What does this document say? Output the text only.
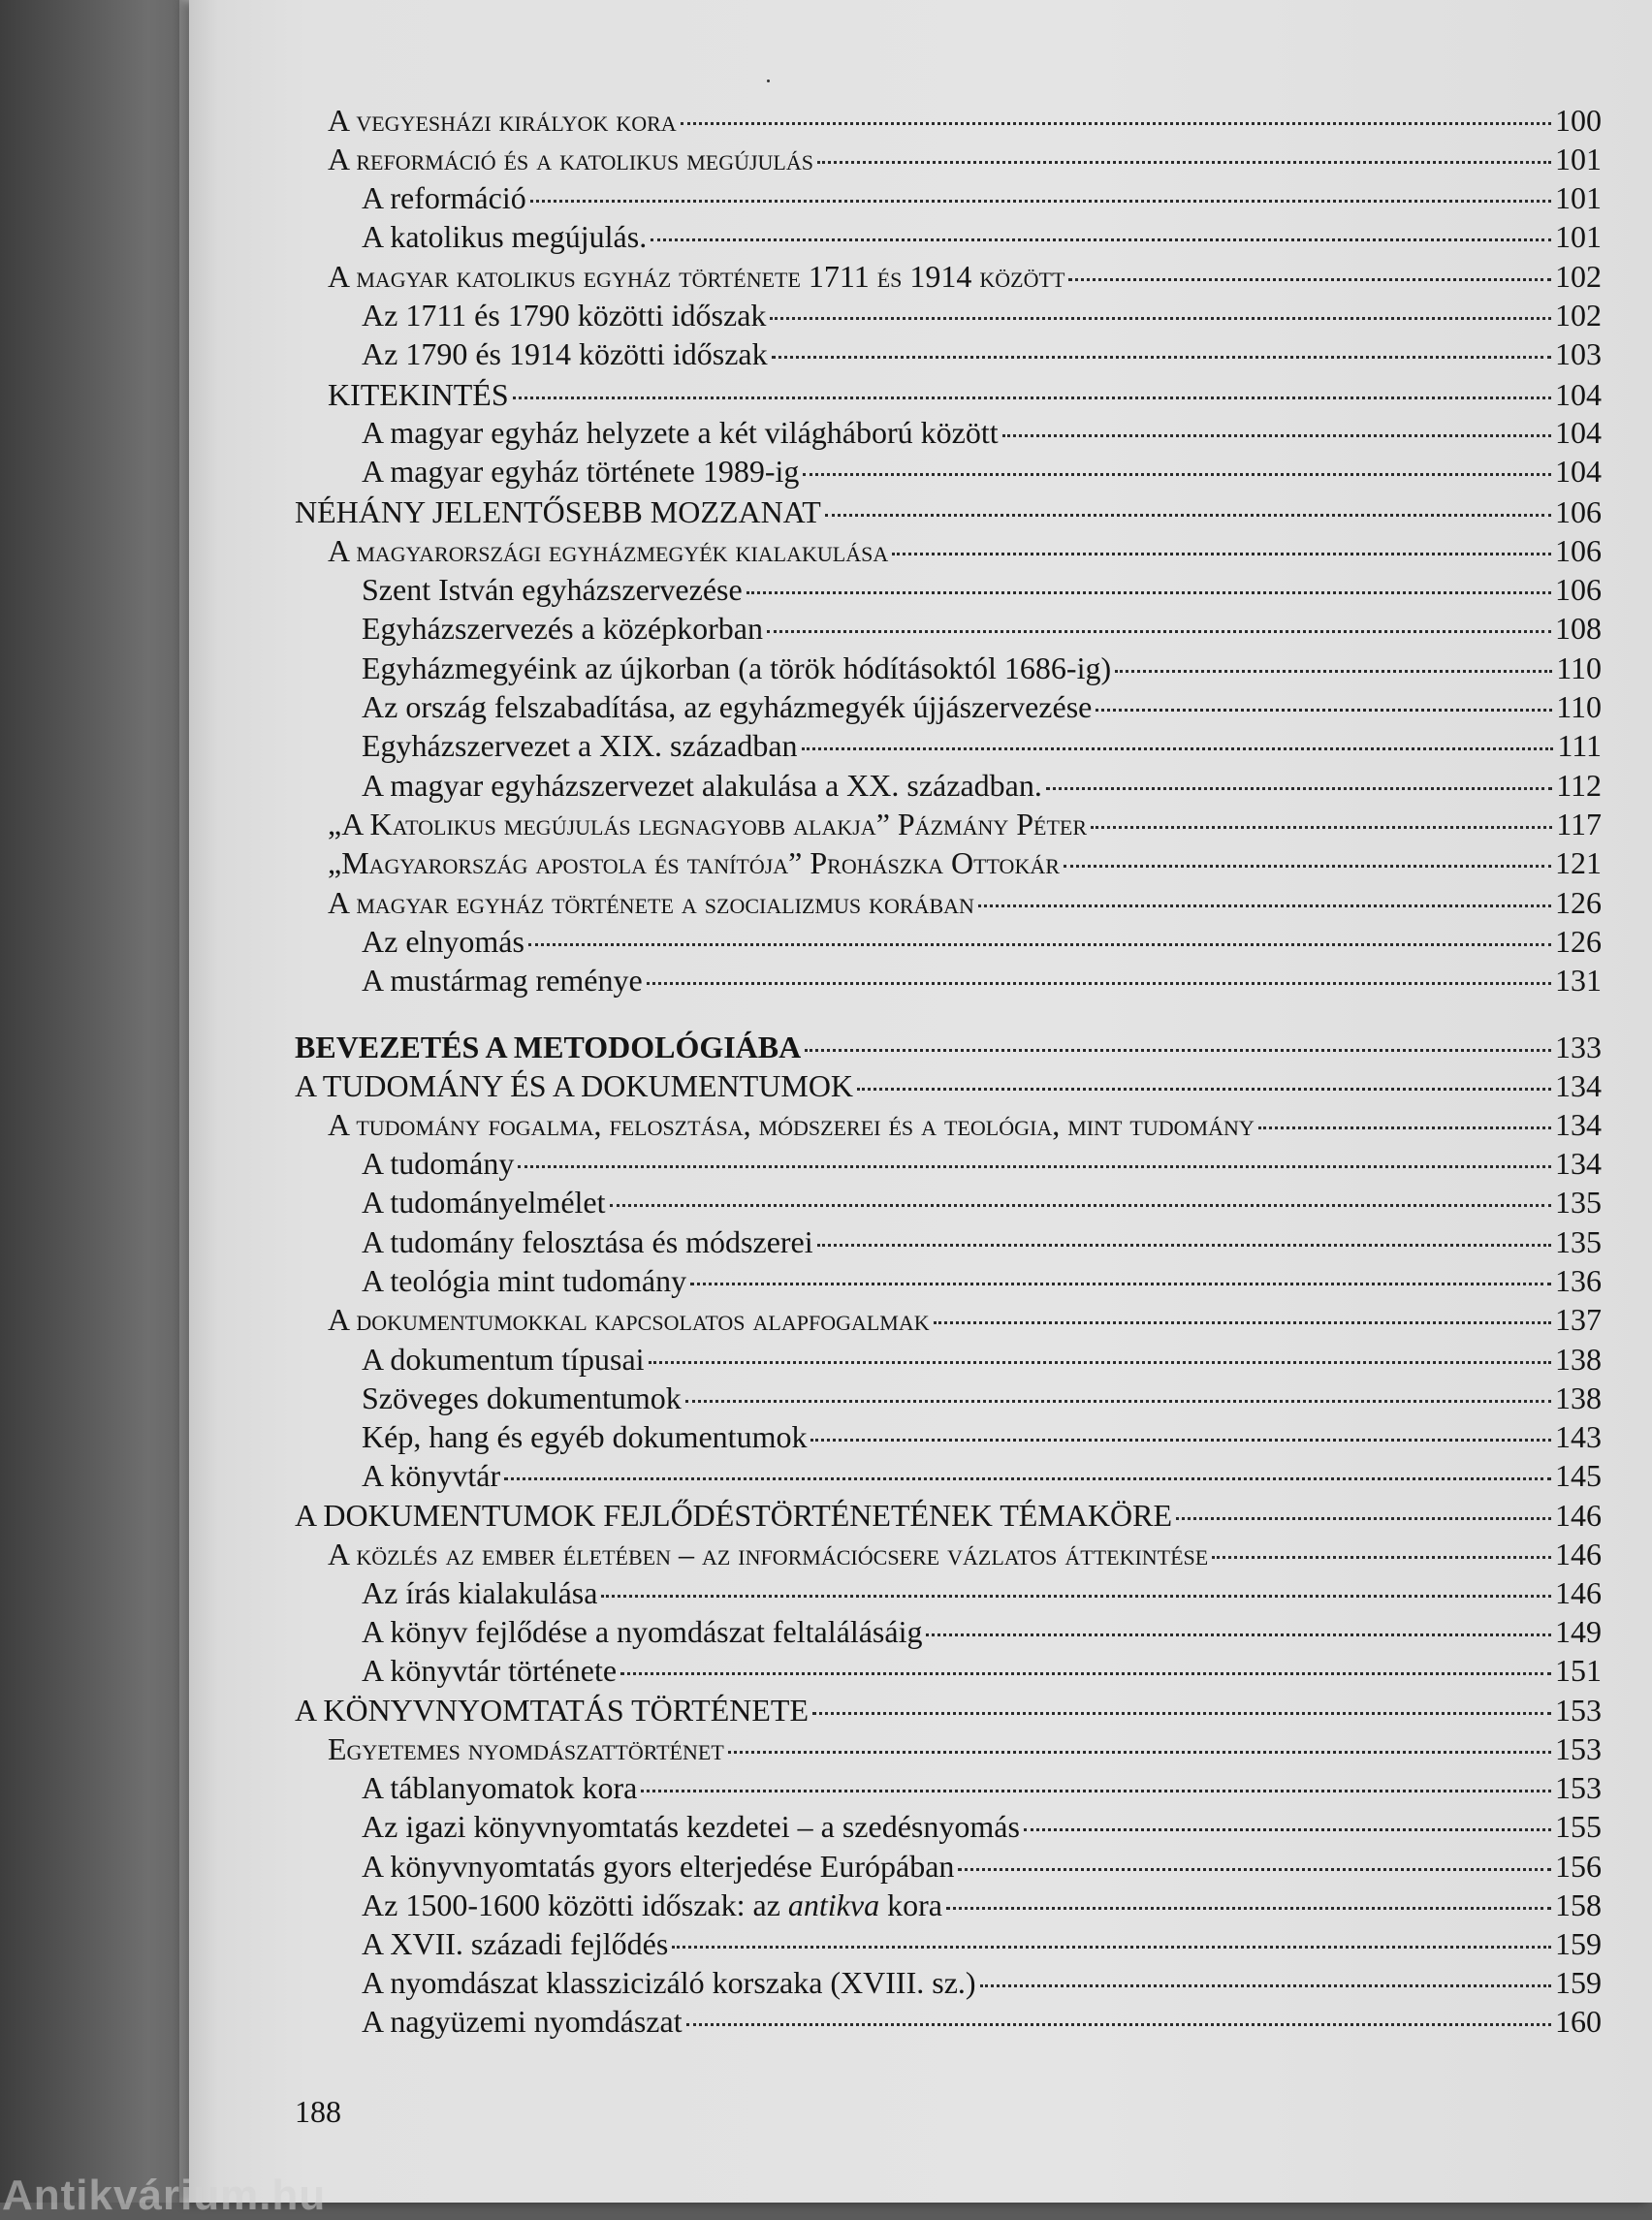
A vegyesházi királyok kora	100
A reformáció és a katolikus megújulás	101
A reformáció	101
A katolikus megújulás.	101
A magyar katolikus egyház története 1711 és 1914 között	102
Az 1711 és 1790 közötti időszak	102
Az 1790 és 1914 közötti időszak	103
KITEKINTÉS	104
A magyar egyház helyzete a két világháború között	104
A magyar egyház története 1989-ig	104
NÉHÁNY JELENTŐSEBB MOZZANAT	106
A magyarországi egyházmegyék kialakulása	106
Szent István egyházszervezése	106
Egyházszervezés a középkorban	108
Egyházmegyéink az újkorban (a török hódításoktól 1686-ig)	110
Az ország felszabadítása, az egyházmegyék újjászervezése	110
Egyházszervezet a XIX. században	111
A magyar egyházszervezet alakulása a XX. században.	112
„A Katolikus megújulás legnagyobb alakja” Pázmány Péter	117
„Magyarország apostola és tanítója” Prohászka Ottokár	121
A magyar egyház története a szocializmus korában	126
Az elnyomás	126
A mustármag reménye	131
BEVEZETÉS A METODOLÓGIÁBA	133
A TUDOMÁNY ÉS A DOKUMENTUMOK	134
A tudomány fogalma, felosztása, módszerei és a teológia, mint tudomány	134
A tudomány	134
A tudományelmélet	135
A tudomány felosztása és módszerei	135
A teológia mint tudomány	136
A dokumentumokkal kapcsolatos alapfogalmak	137
A dokumentum típusai	138
Szöveges dokumentumok	138
Kép, hang és egyéb dokumentumok	143
A könyvtár	145
A DOKUMENTUMOK FEJLŐDÉSTÖRTÉNETÉNEK TÉMAKÖRE	146
A közlés az ember életében – az információcsere vázlatos áttekintése	146
Az írás kialakulása	146
A könyv fejlődése a nyomdászat feltalálásáig	149
A könyvtár története	151
A KÖNYVNYOMTATÁS TÖRTÉNETE	153
Egyetemes nyomdászattörténet	153
A táblanyomatok kora	153
Az igazi könyvnyomtatás kezdetei – a szedésnyomás	155
A könyvnyomtatás gyors elterjedése Európában	156
Az 1500-1600 közötti időszak: az antikva kora	158
A XVII. századi fejlődés	159
A nyomdászat klasszicizáló korszaka (XVIII. sz.)	159
A nagyüzemi nyomdászat	160
188
Antikvárium.hu
